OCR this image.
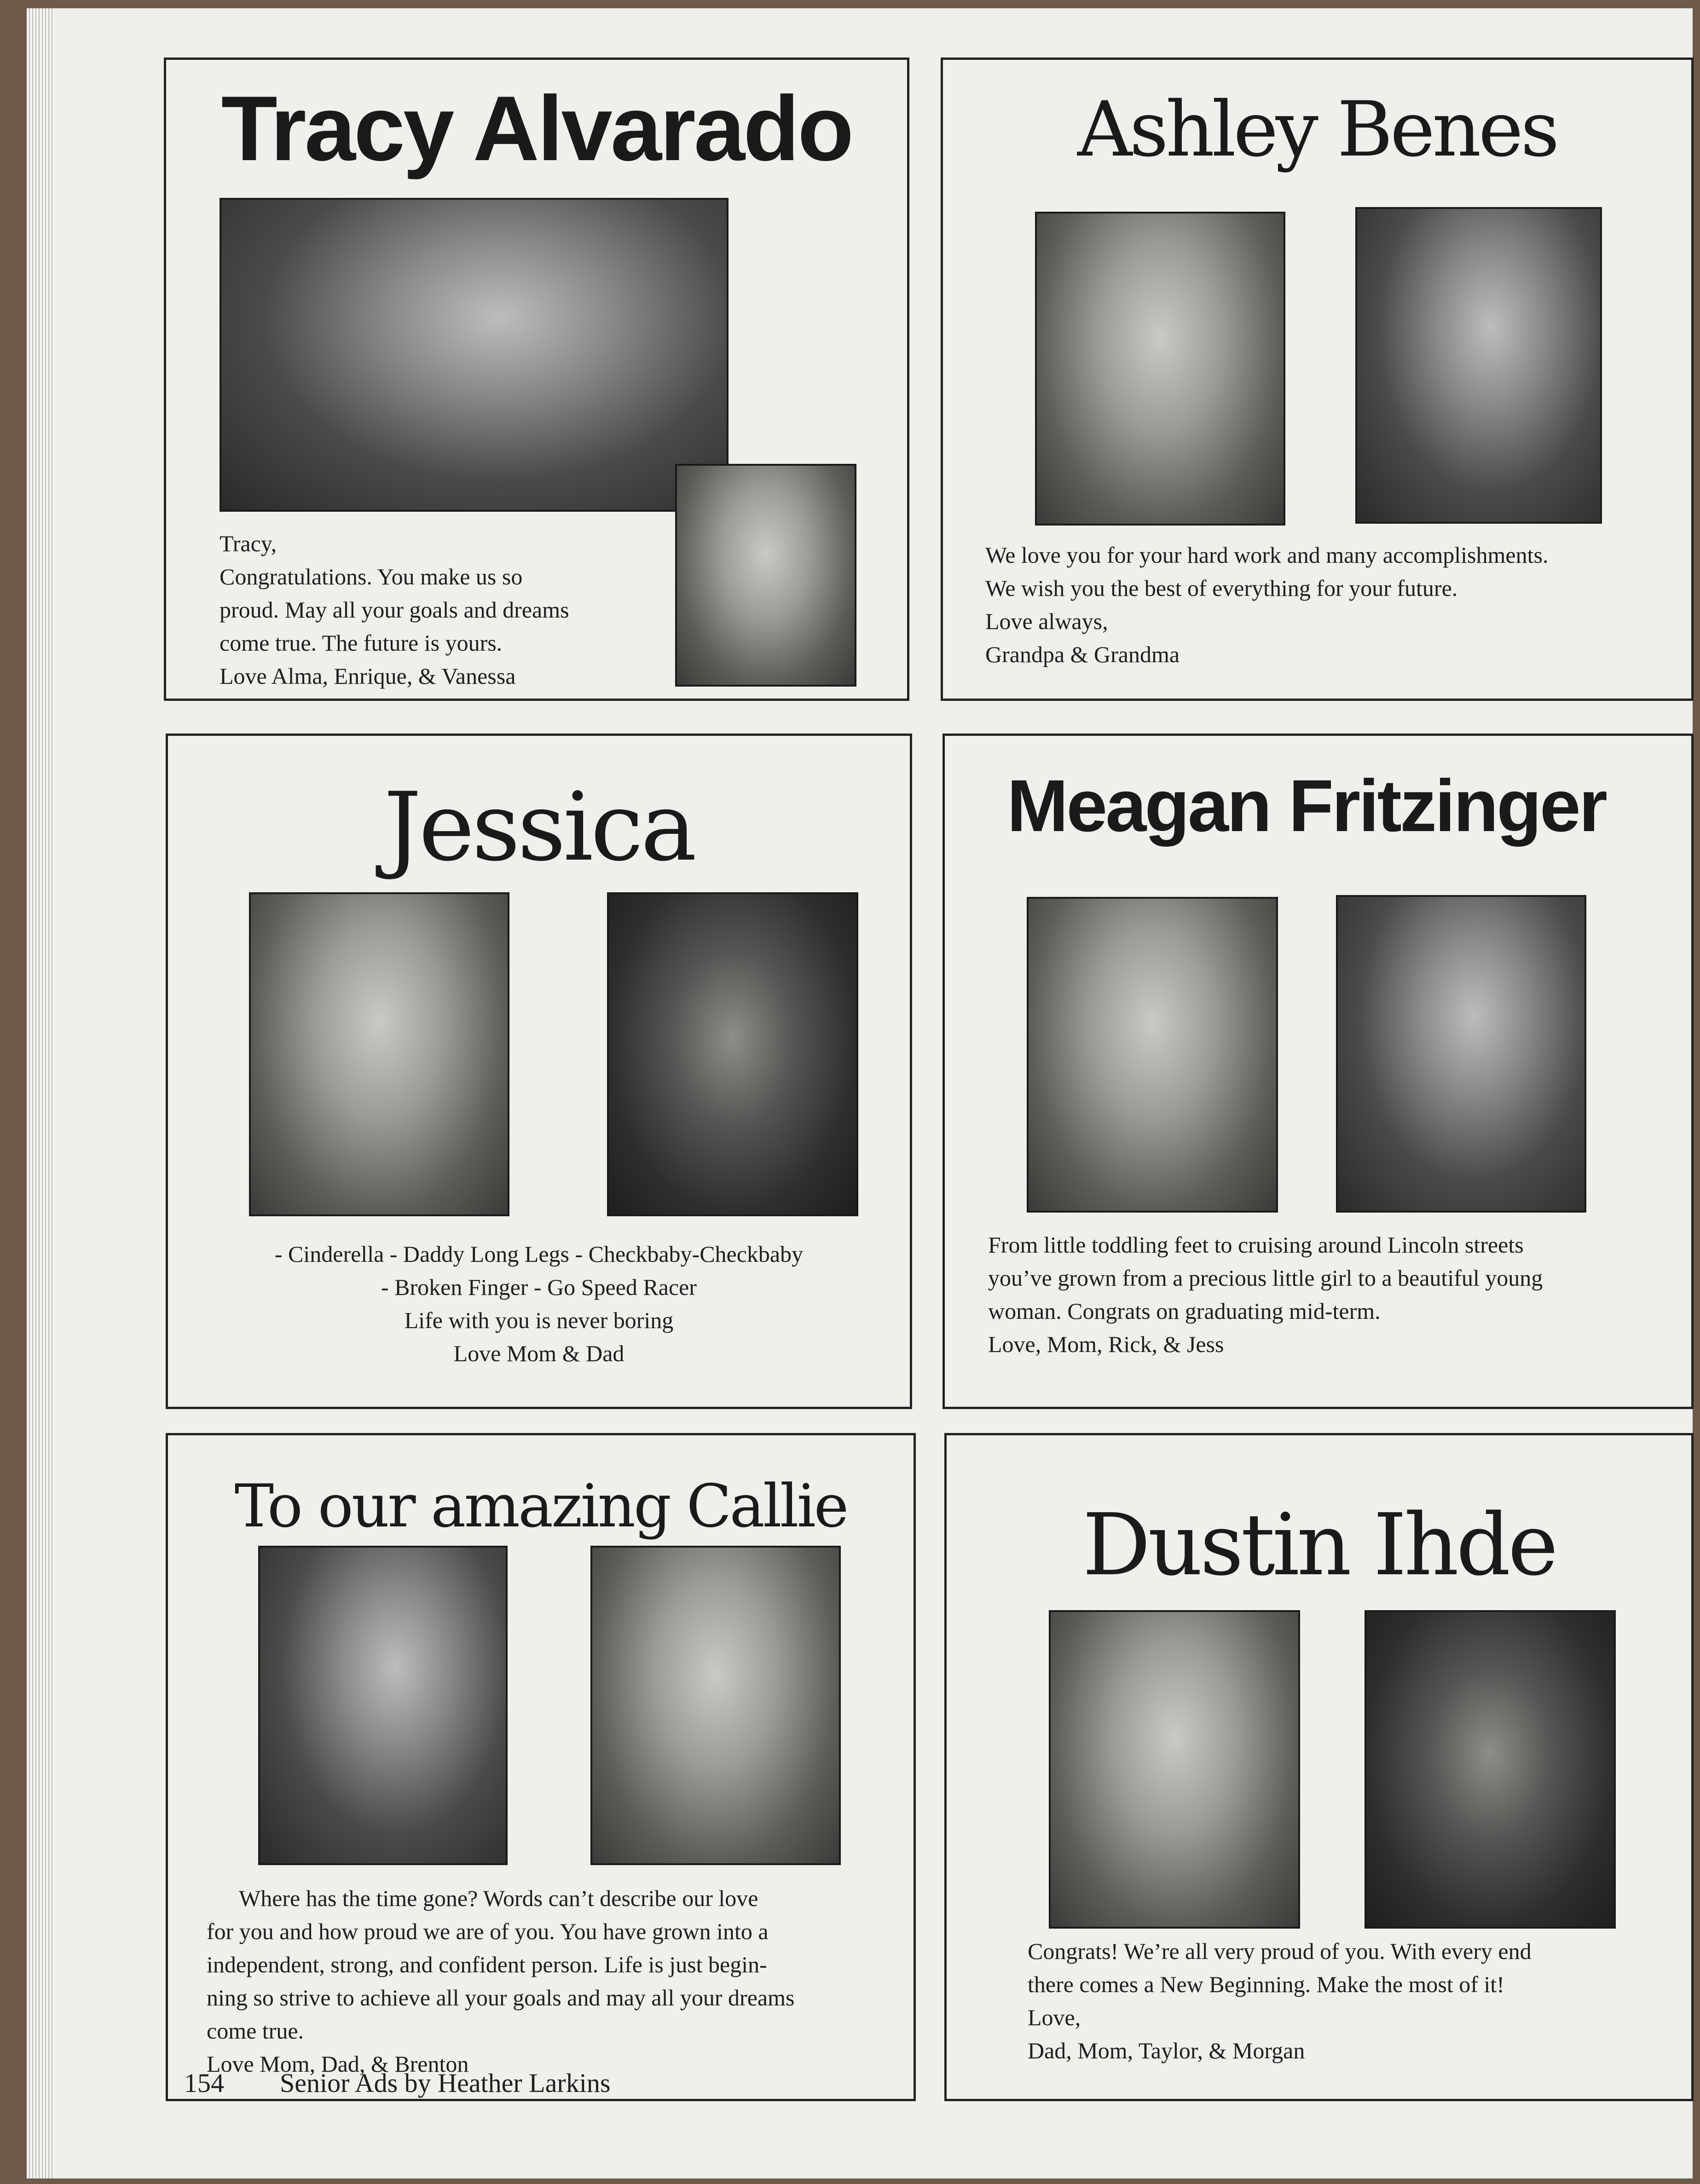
Tracy Alvarado
Tracy,
Congratulations. You make us so
proud. May all your goals and dreams
come true. The future is yours.
Love Alma, Enrique, & Vanessa
Ashley Benes
We love you for your hard work and many accomplishments.
We wish you the best of everything for your future.
Love always,
Grandpa & Grandma
Jessica
- Cinderella - Daddy Long Legs - Checkbaby-Checkbaby
- Broken Finger - Go Speed Racer
Life with you is never boring
Love Mom & Dad
Meagan Fritzinger
From little toddling feet to cruising around Lincoln streets
you’ve grown from a precious little girl to a beautiful young
woman. Congrats on graduating mid-term.
Love, Mom, Rick, & Jess
To our amazing Callie
Where has the time gone? Words can’t describe our love
for you and how proud we are of you. You have grown into a
independent, strong, and confident person. Life is just begin-
ning so strive to achieve all your goals and may all your dreams
come true.
Love Mom, Dad, & Brenton
Dustin Ihde
Congrats! We’re all very proud of you. With every end
there comes a New Beginning. Make the most of it!
Love,
Dad, Mom, Taylor, & Morgan
154 Senior Ads by Heather Larkins
